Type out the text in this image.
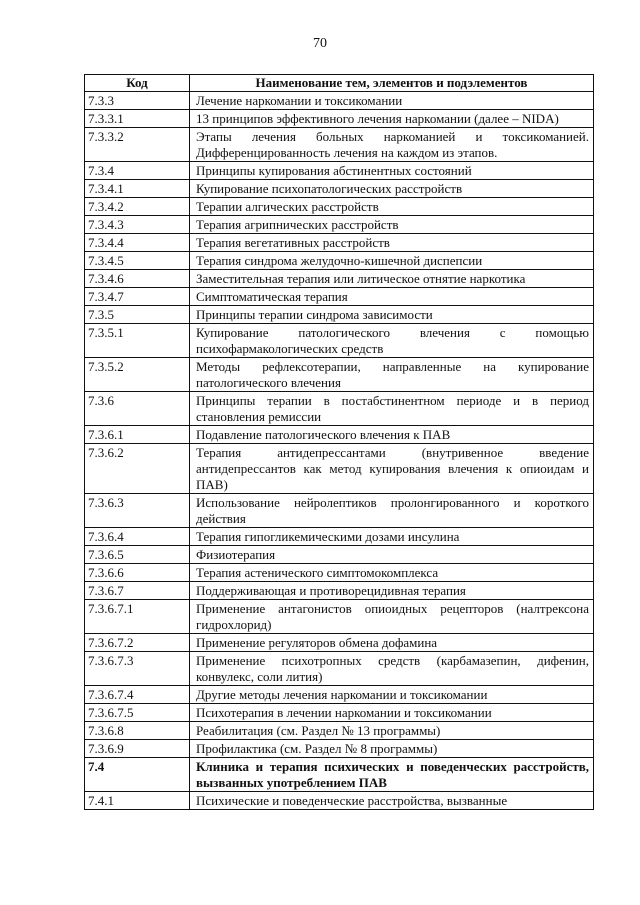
70
Код	Наименование тем, элементов и подэлементов
7.3.3	Лечение наркомании и токсикомании
7.3.3.1	13 принципов эффективного лечения наркомании (далее – NIDA)
7.3.3.2	Этапы лечения больных наркоманией и токсикоманией. Дифференцированность лечения на каждом из этапов.
7.3.4	Принципы купирования абстинентных состояний
7.3.4.1	Купирование психопатологических расстройств
7.3.4.2	Терапии алгических расстройств
7.3.4.3	Терапия агрипнических расстройств
7.3.4.4	Терапия вегетативных расстройств
7.3.4.5	Терапия синдрома желудочно-кишечной диспепсии
7.3.4.6	Заместительная терапия или литическое отнятие наркотика
7.3.4.7	Симптоматическая терапия
7.3.5	Принципы терапии синдрома зависимости
7.3.5.1	Купирование патологического влечения с помощью психофармакологических средств
7.3.5.2	Методы рефлексотерапии, направленные на купирование патологического влечения
7.3.6	Принципы терапии в постабстинентном периоде и в период становления ремиссии
7.3.6.1	Подавление патологического влечения к ПАВ
7.3.6.2	Терапия антидепрессантами (внутривенное введение антидепрессантов как метод купирования влечения к опиоидам и ПАВ)
7.3.6.3	Использование нейролептиков пролонгированного и короткого действия
7.3.6.4	Терапия гипогликемическими дозами инсулина
7.3.6.5	Физиотерапия
7.3.6.6	Терапия астенического симптомокомплекса
7.3.6.7	Поддерживающая и противорецидивная терапия
7.3.6.7.1	Применение антагонистов опиоидных рецепторов (налтрексона гидрохлорид)
7.3.6.7.2	Применение регуляторов обмена дофамина
7.3.6.7.3	Применение психотропных средств (карбамазепин, дифенин, конвулекс, соли лития)
7.3.6.7.4	Другие методы лечения наркомании и токсикомании
7.3.6.7.5	Психотерапия в лечении наркомании и токсикомании
7.3.6.8	Реабилитация (см. Раздел № 13 программы)
7.3.6.9	Профилактика (см. Раздел № 8 программы)
7.4	Клиника и терапия психических и поведенческих расстройств, вызванных употреблением ПАВ
7.4.1	Психические и поведенческие расстройства, вызванные
